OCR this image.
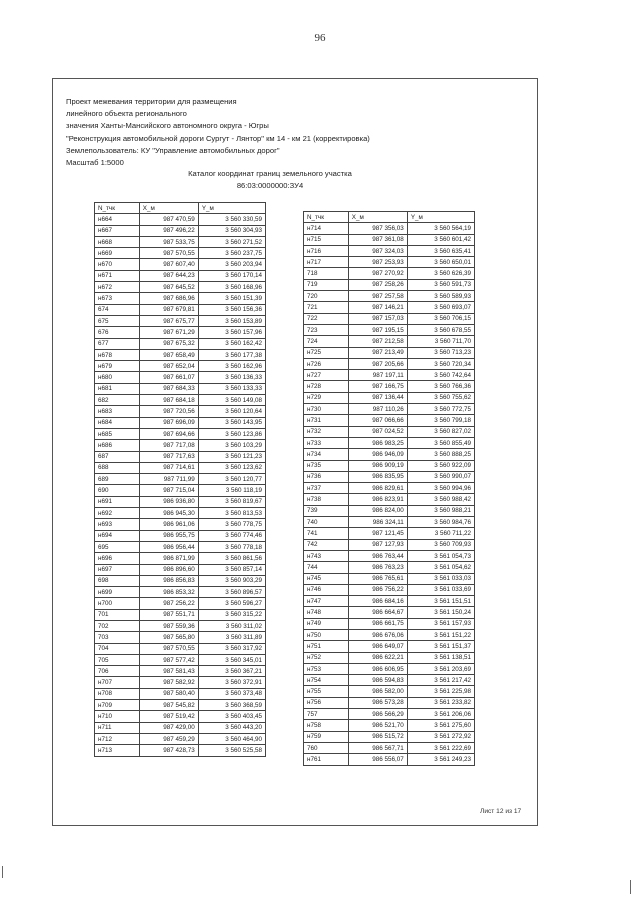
96
Проект межевания территории для размещения
линейного объекта регионального
значения Ханты-Мансийского автономного округа - Югры
"Реконструкция автомобильной дороги Сургут - Лянтор" км 14 - км 21 (корректировка)
Землепользователь: КУ "Управление автомобильных дорог"
Масштаб 1:5000
Каталог координат границ земельного участка
86:03:0000000:ЗУ4
N_тчк	X_м	Y_м
н664	987 470,59	3 560 330,59
н667	987 496,22	3 560 304,93
н668	987 533,75	3 560 271,52
н669	987 570,55	3 560 237,75
н670	987 607,40	3 560 203,94
н671	987 644,23	3 560 170,14
н672	987 645,52	3 560 168,96
н673	987 686,96	3 560 151,39
674	987 679,81	3 560 156,36
675	987 675,77	3 560 153,89
676	987 671,29	3 560 157,96
677	987 675,32	3 560 162,42
н678	987 658,49	3 560 177,38
н679	987 652,04	3 560 162,96
н680	987 661,07	3 560 136,33
н681	987 684,33	3 560 133,33
682	987 684,18	3 560 149,08
н683	987 720,56	3 560 120,64
н684	987 696,09	3 560 143,95
н685	987 694,66	3 560 123,86
н686	987 717,08	3 560 103,29
687	987 717,63	3 560 121,23
688	987 714,61	3 560 123,62
689	987 711,99	3 560 120,77
690	987 715,04	3 560 118,19
н691	986 936,80	3 560 819,67
н692	986 945,30	3 560 813,53
н693	986 961,06	3 560 778,75
н694	986 955,75	3 560 774,46
695	986 956,44	3 560 778,18
н696	986 871,99	3 560 861,56
н697	986 896,60	3 560 857,14
698	986 856,83	3 560 903,29
н699	986 853,32	3 560 896,57
н700	987 256,22	3 560 596,27
701	987 551,71	3 560 315,22
702	987 559,36	3 560 311,02
703	987 565,80	3 560 311,89
704	987 570,55	3 560 317,92
705	987 577,42	3 560 345,01
706	987 581,43	3 560 367,21
н707	987 582,92	3 560 372,91
н708	987 580,40	3 560 373,48
н709	987 545,82	3 560 368,59
н710	987 519,42	3 560 403,45
н711	987 429,00	3 560 443,20
н712	987 459,29	3 560 464,90
н713	987 428,73	3 560 525,58
N_тчк	X_м	Y_м
н714	987 356,03	3 560 564,19
н715	987 361,08	3 560 601,42
н716	987 324,03	3 560 635,41
н717	987 253,93	3 560 650,01
718	987 270,92	3 560 626,39
719	987 258,26	3 560 591,73
720	987 257,58	3 560 589,93
721	987 146,21	3 560 693,07
722	987 157,03	3 560 706,15
723	987 195,15	3 560 678,55
724	987 212,58	3 560 711,70
н725	987 213,49	3 560 713,23
н726	987 205,66	3 560 720,34
н727	987 197,11	3 560 742,64
н728	987 166,75	3 560 766,36
н729	987 136,44	3 560 755,62
н730	987 110,26	3 560 772,75
н731	987 066,66	3 560 799,18
н732	987 024,52	3 560 827,02
н733	986 983,25	3 560 855,49
н734	986 946,09	3 560 888,25
н735	986 909,19	3 560 922,09
н736	986 835,95	3 560 990,07
н737	986 829,61	3 560 994,96
н738	986 823,91	3 560 988,42
739	986 824,00	3 560 988,21
740	986 324,11	3 560 984,76
741	987 121,45	3 560 711,22
742	987 127,93	3 560 709,93
н743	986 763,44	3 561 054,73
744	986 763,23	3 561 054,62
н745	986 765,61	3 561 033,03
н746	986 756,22	3 561 033,69
н747	986 684,16	3 561 151,51
н748	986 664,67	3 561 150,24
н749	986 661,75	3 561 157,93
н750	986 676,06	3 561 151,22
н751	986 649,07	3 561 151,37
н752	986 622,21	3 561 138,51
н753	986 606,95	3 561 203,69
н754	986 594,83	3 561 217,42
н755	986 582,00	3 561 225,98
н756	986 573,28	3 561 233,82
757	986 566,29	3 561 206,06
н758	986 521,70	3 561 275,60
н759	986 515,72	3 561 272,92
760	986 567,71	3 561 222,69
н761	986 556,07	3 561 249,23
Лист 12 из 17
